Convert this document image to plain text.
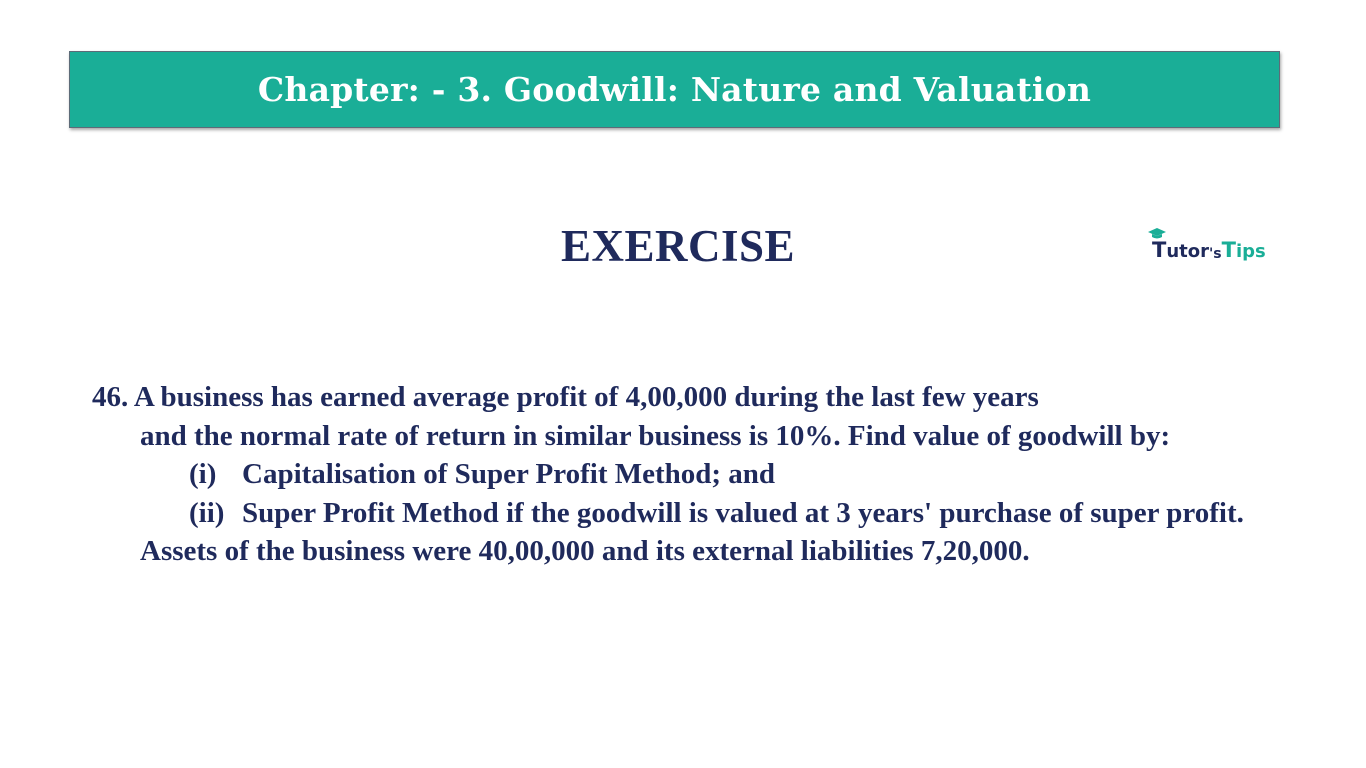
Chapter: - 3. Goodwill: Nature and Valuation
EXERCISE	T utor 's T ips
46. A business has earned average profit of 4,00,000 during the last few years
and the normal rate of return in similar business is 10%. Find value of goodwill by:
(i) Capitalisation of Super Profit Method; and
(ii) Super Profit Method if the goodwill is valued at 3 years' purchase of super profit.
Assets of the business were 40,00,000 and its external liabilities 7,20,000.
